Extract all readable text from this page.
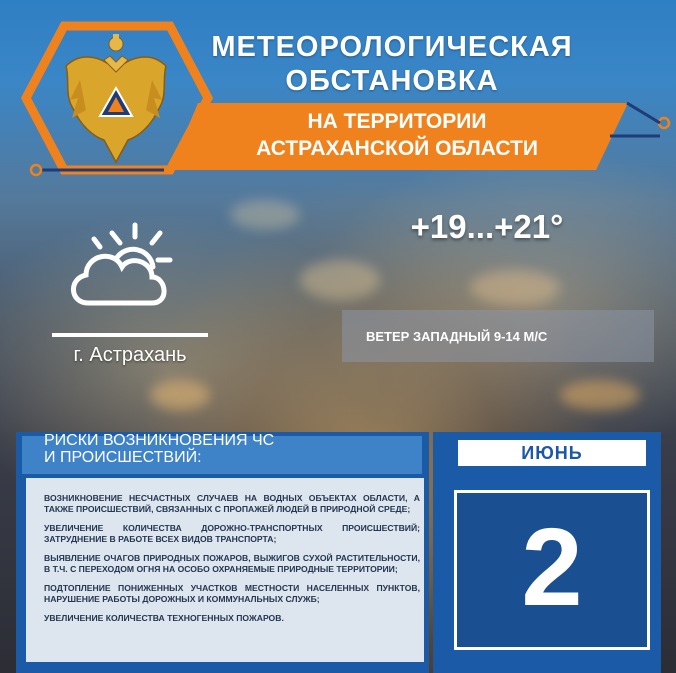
МЕТЕОРОЛОГИЧЕСКАЯ
ОБСТАНОВКА
НА ТЕРРИТОРИИ
АСТРАХАНСКОЙ ОБЛАСТИ
+19...+21°
ВЕТЕР ЗАПАДНЫЙ 9-14 М/С
г. Астрахань
РИСКИ ВОЗНИКНОВЕНИЯ ЧС
И ПРОИСШЕСТВИЙ:
ВОЗНИКНОВЕНИЕ НЕСЧАСТНЫХ СЛУЧАЕВ НА ВОДНЫХ ОБЪЕКТАХ ОБЛАСТИ, А ТАКЖЕ ПРОИСШЕСТВИЙ, СВЯЗАННЫХ С ПРОПАЖЕЙ ЛЮДЕЙ В ПРИРОДНОЙ СРЕДЕ;
УВЕЛИЧЕНИЕ КОЛИЧЕСТВА ДОРОЖНО-ТРАНСПОРТНЫХ ПРОИСШЕСТВИЙ; ЗАТРУДНЕНИЕ В РАБОТЕ ВСЕХ ВИДОВ ТРАНСПОРТА;
ВЫЯВЛЕНИЕ ОЧАГОВ ПРИРОДНЫХ ПОЖАРОВ, ВЫЖИГОВ СУХОЙ РАСТИТЕЛЬНОСТИ, В Т.Ч. С ПЕРЕХОДОМ ОГНЯ НА ОСОБО ОХРАНЯЕМЫЕ ПРИРОДНЫЕ ТЕРРИТОРИИ;
ПОДТОПЛЕНИЕ ПОНИЖЕННЫХ УЧАСТКОВ МЕСТНОСТИ НАСЕЛЕННЫХ ПУНКТОВ, НАРУШЕНИЕ РАБОТЫ ДОРОЖНЫХ И КОММУНАЛЬНЫХ СЛУЖБ;
УВЕЛИЧЕНИЕ КОЛИЧЕСТВА ТЕХНОГЕННЫХ ПОЖАРОВ.
ИЮНЬ
2
